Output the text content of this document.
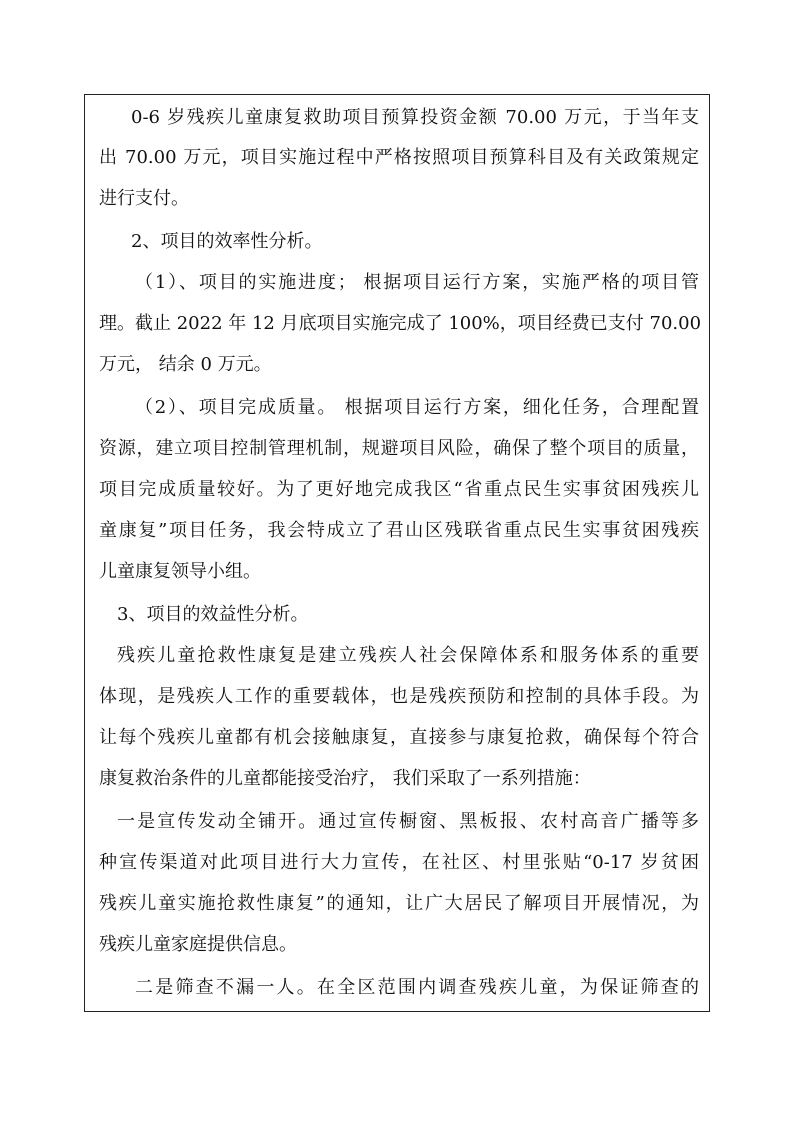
0-6 岁残疾儿童康复救助项目预算投资金额 70.00 万元，于当年支
出 70.00 万元，项目实施过程中严格按照项目预算科目及有关政策规定
进行支付。
2、项目的效率性分析。
（1）、项目的实施进度； 根据项目运行方案，实施严格的项目管
理。截止 2022 年 12 月底项目实施完成了 100%，项目经费已支付 70.00
万元， 结余 0 万元。
（2）、项目完成质量。 根据项目运行方案，细化任务，合理配置
资源，建立项目控制管理机制，规避项目风险，确保了整个项目的质量，
项目完成质量较好。为了更好地完成我区“省重点民生实事贫困残疾儿
童康复”项目任务，我会特成立了君山区残联省重点民生实事贫困残疾
儿童康复领导小组。
3、项目的效益性分析。
残疾儿童抢救性康复是建立残疾人社会保障体系和服务体系的重要
体现，是残疾人工作的重要载体，也是残疾预防和控制的具体手段。为
让每个残疾儿童都有机会接触康复，直接参与康复抢救，确保每个符合
康复救治条件的儿童都能接受治疗， 我们采取了一系列措施：
一是宣传发动全铺开。通过宣传橱窗、黑板报、农村高音广播等多
种宣传渠道对此项目进行大力宣传，在社区、村里张贴“0-17 岁贫困
残疾儿童实施抢救性康复”的通知，让广大居民了解项目开展情况，为
残疾儿童家庭提供信息。
二是筛查不漏一人。在全区范围内调查残疾儿童，为保证筛查的
